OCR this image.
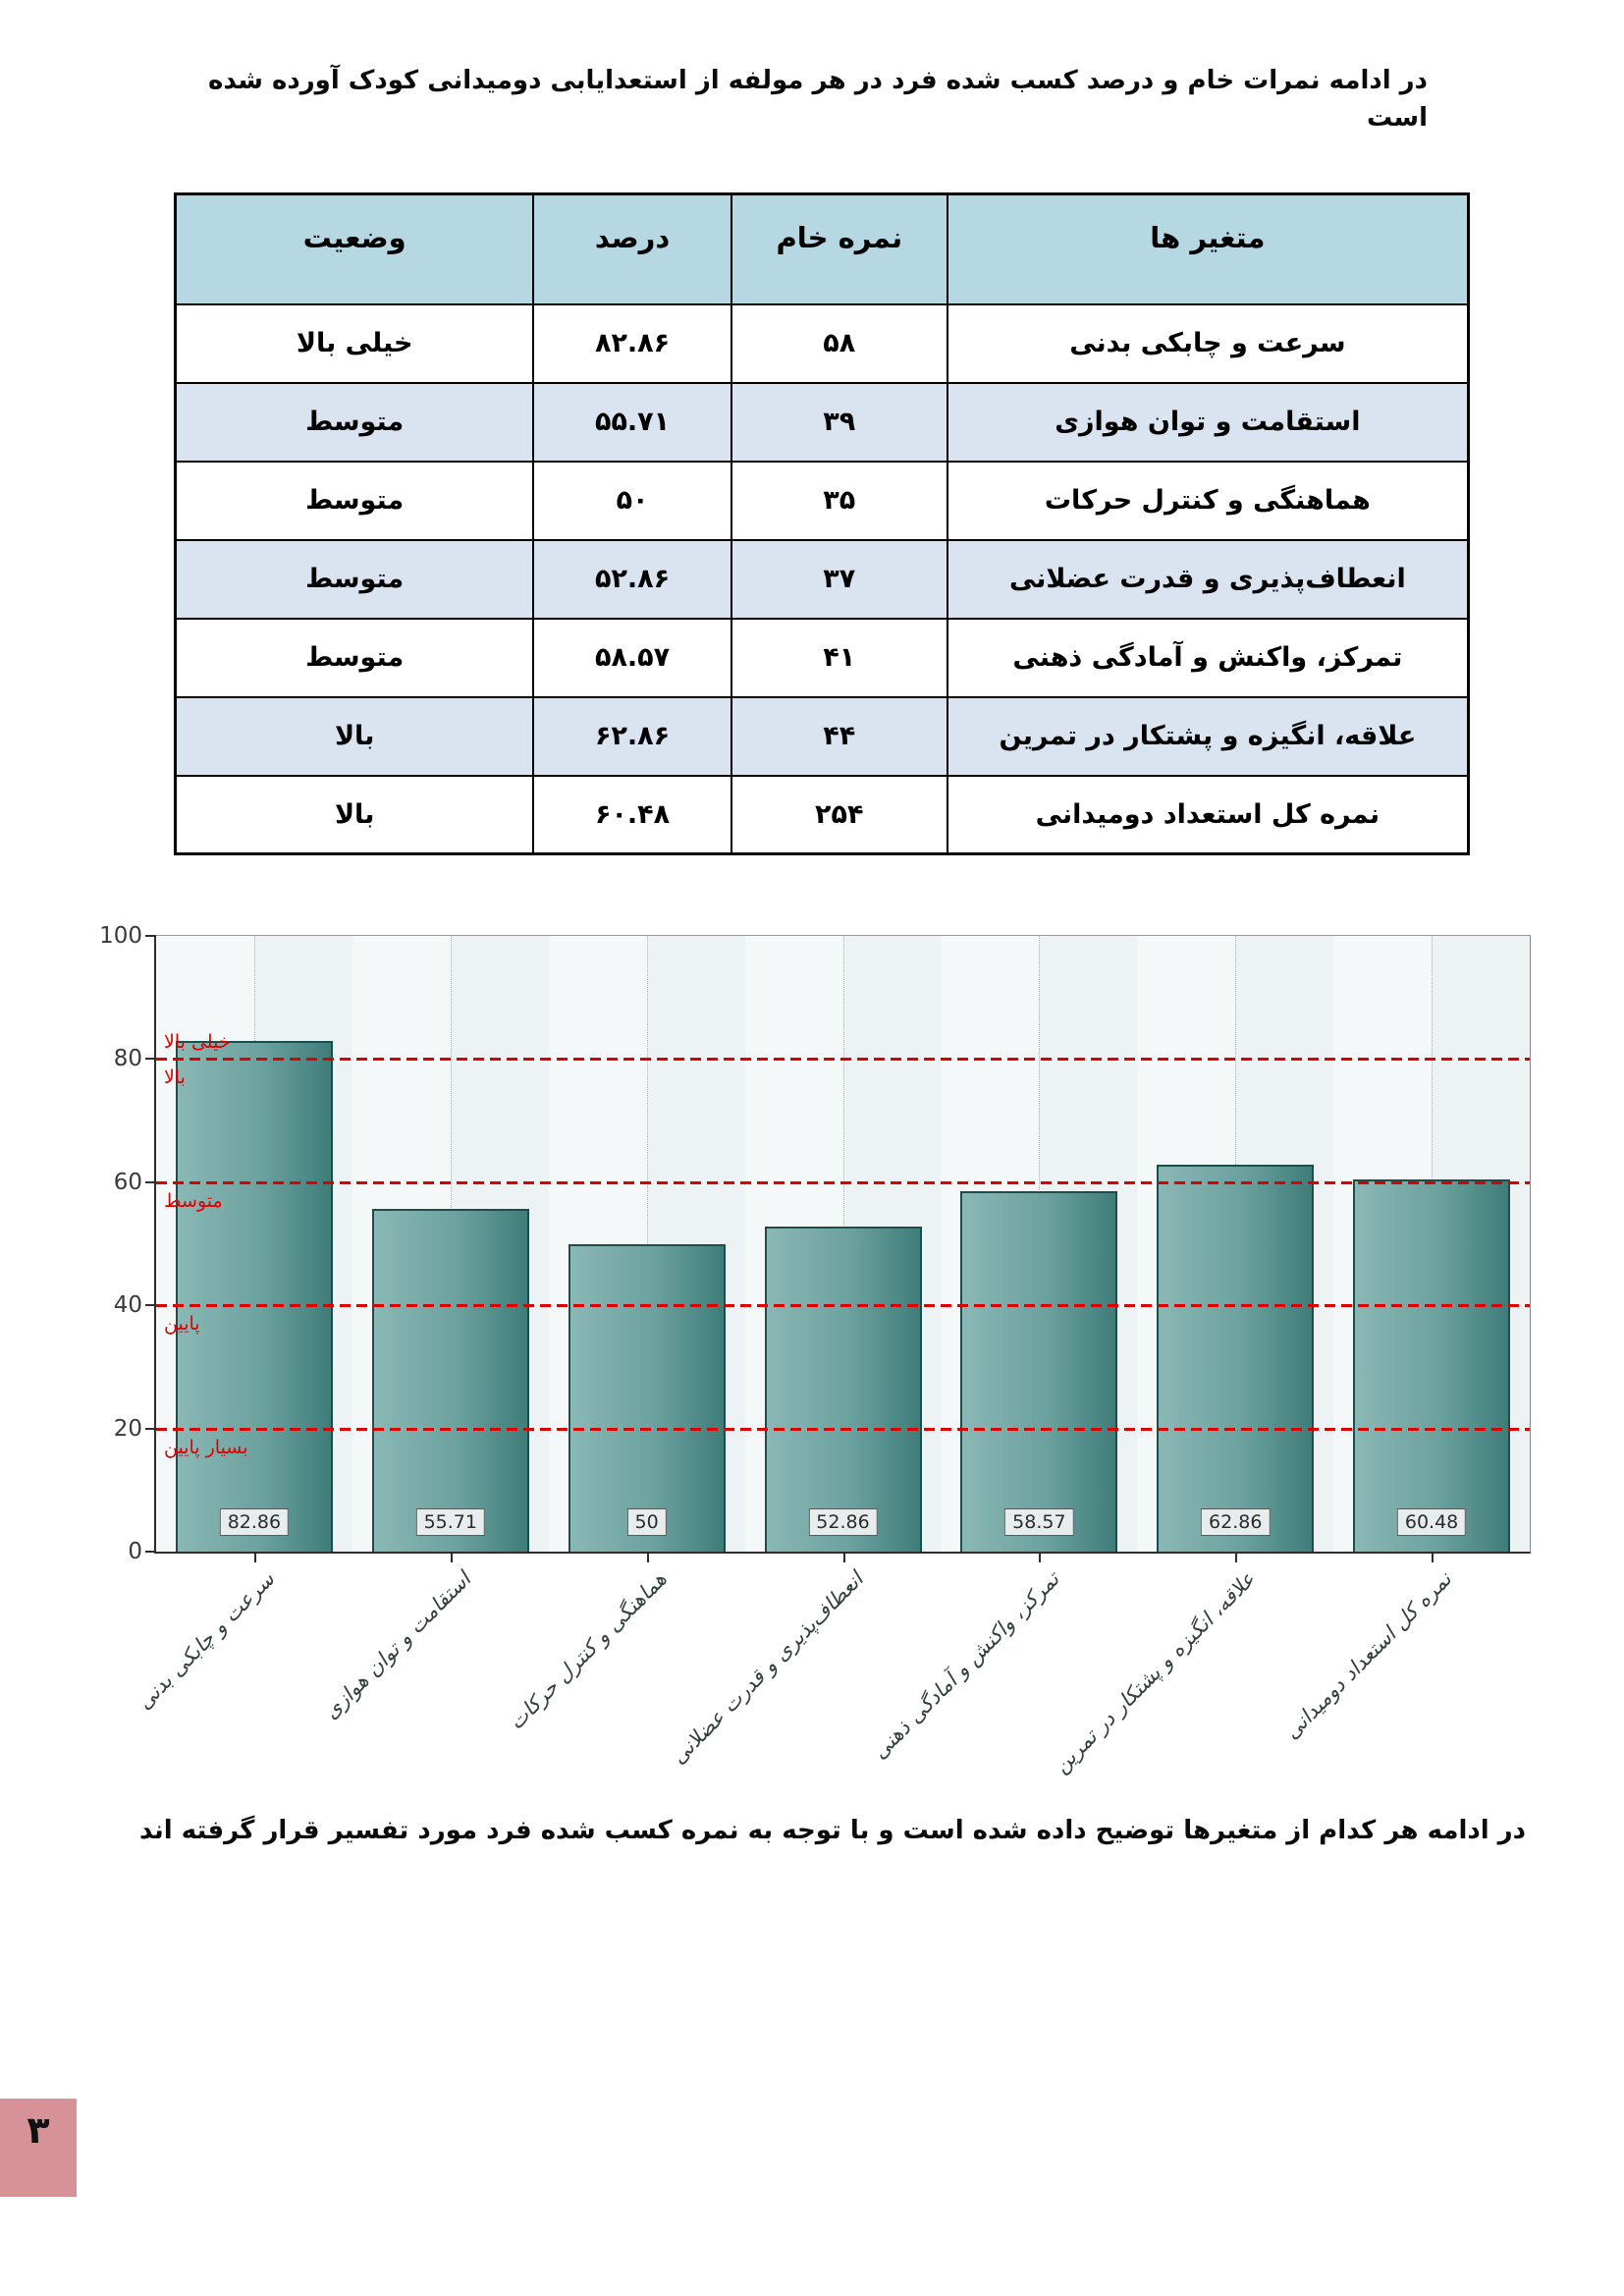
در ادامه نمرات خام و درصد کسب شده فرد در هر مولفه از استعدایابی دومیدانی کودک آورده شده است

متغیر ها	نمره خام	درصد	وضعیت
سرعت و چابکی بدنی	۵۸	۸۲.۸۶	خیلی بالا
استقامت و توان هوازی	۳۹	۵۵.۷۱	متوسط
هماهنگی و کنترل حرکات	۳۵	۵۰	متوسط
انعطاف‌پذیری و قدرت عضلانی	۳۷	۵۲.۸۶	متوسط
تمرکز، واکنش و آمادگی ذهنی	۴۱	۵۸.۵۷	متوسط
علاقه، انگیزه و پشتکار در تمرین	۴۴	۶۲.۸۶	بالا
نمره کل استعداد دومیدانی	۲۵۴	۶۰.۴۸	بالا
100
80
60
40
20
0
82.86
سرعت و چابکی بدنی
55.71
استقامت و توان هوازی
50
هماهنگی و کنترل حرکات
52.86
انعطاف‌پذیری و قدرت عضلانی
58.57
تمرکز، واکنش و آمادگی ذهنی
62.86
علاقه، انگیزه و پشتکار در تمرین
60.48
نمره کل استعداد دومیدانی
خیلی بالا
بالا
متوسط
پایین
بسیار پایین

در ادامه هر کدام از متغیرها توضیح داده شده است و با توجه به نمره کسب شده فرد مورد تفسیر قرار گرفته اند

۳
